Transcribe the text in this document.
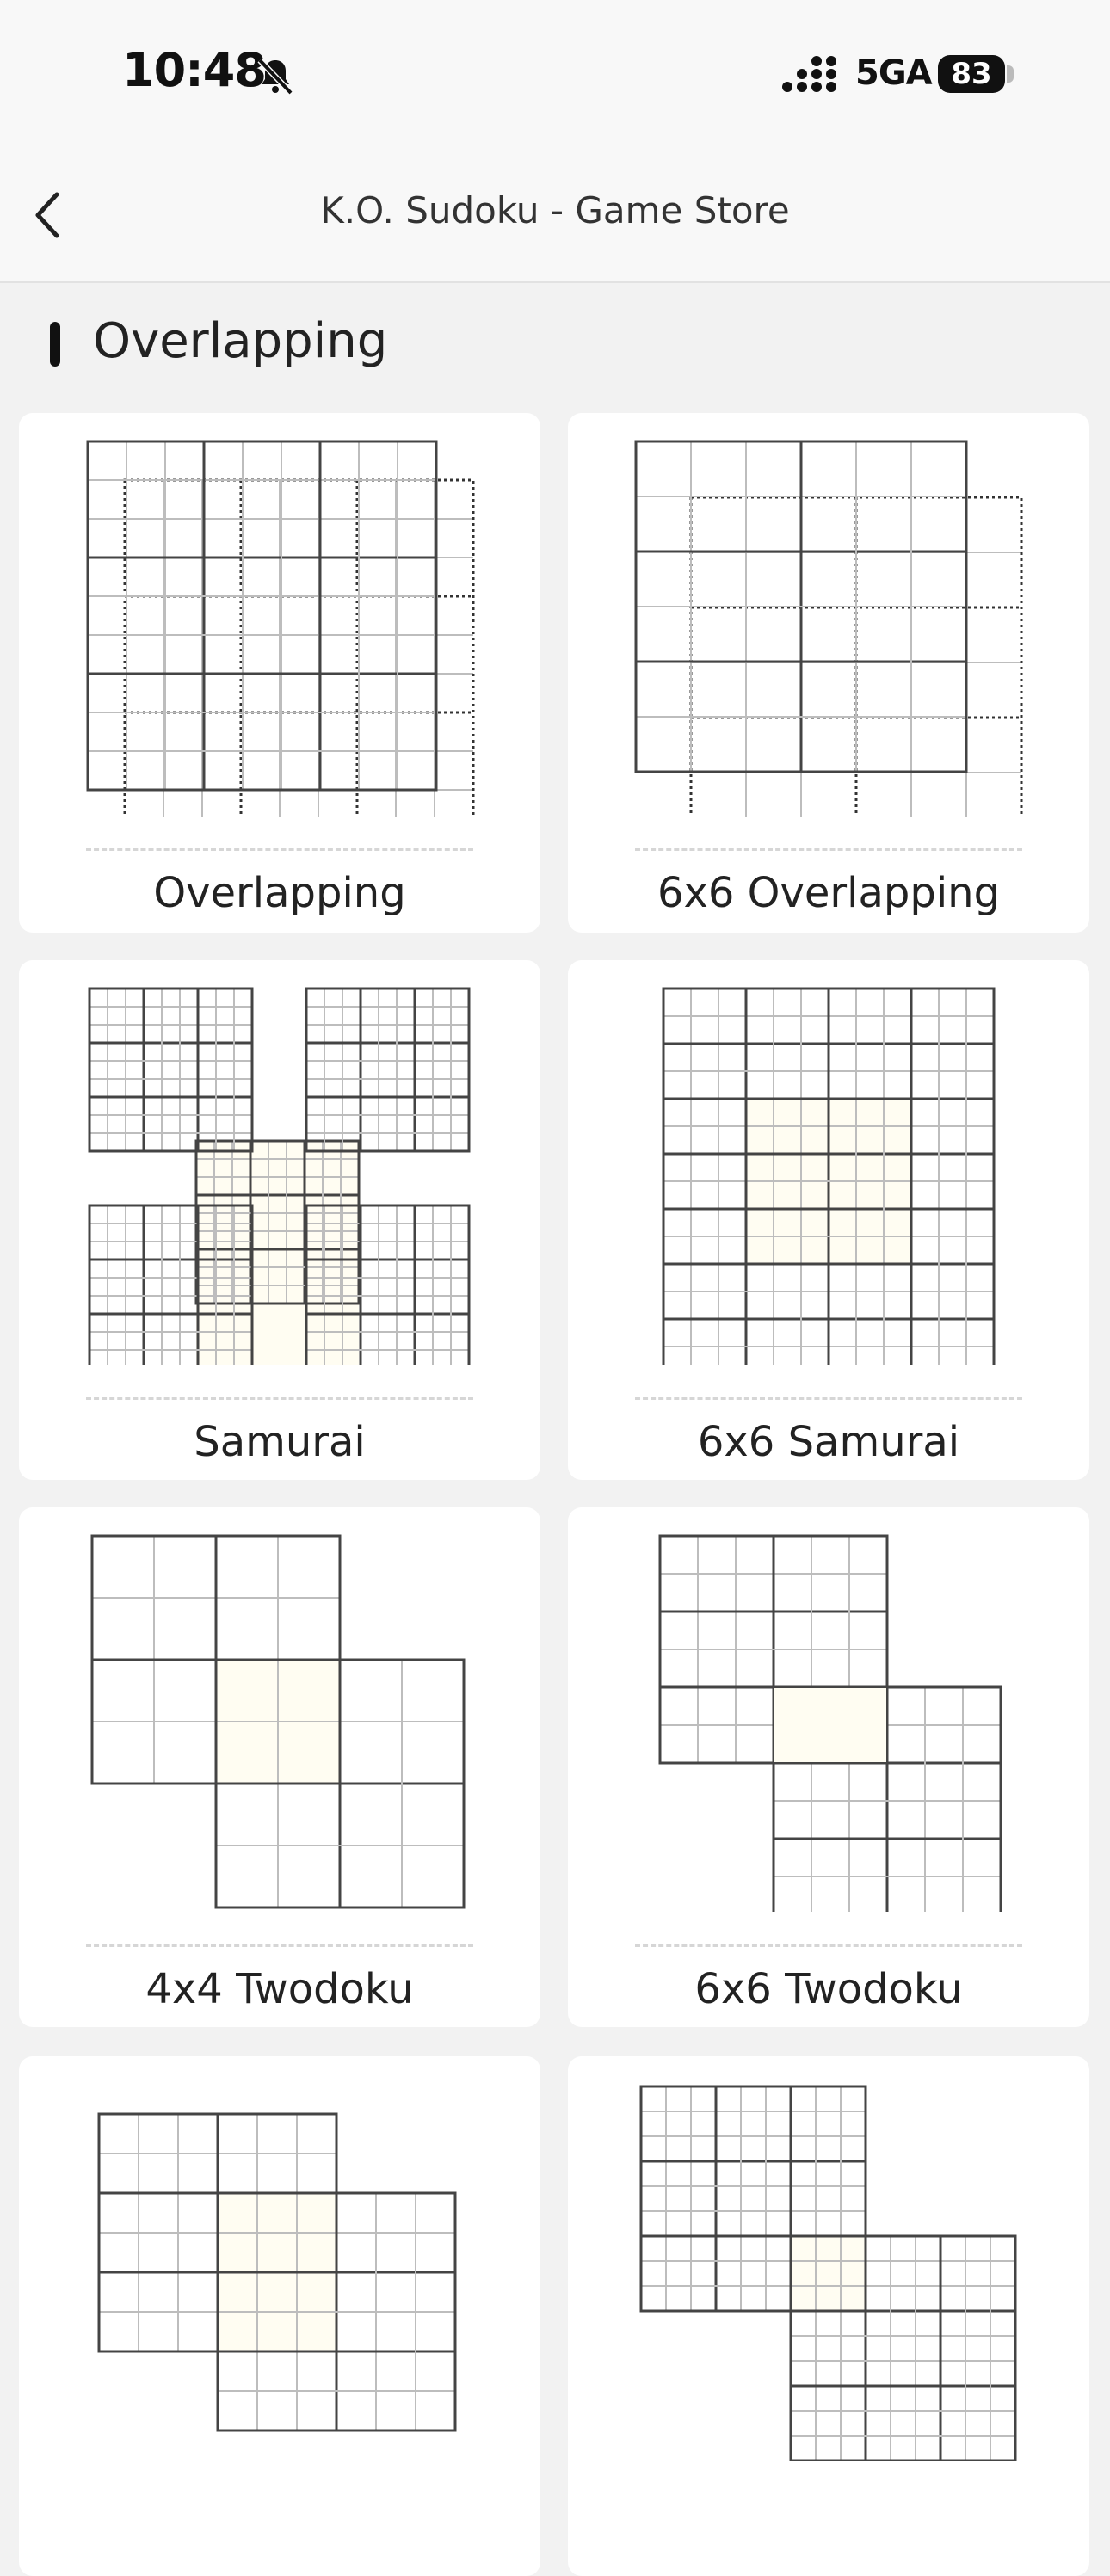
10:48	5GA 83
K.O. Sudoku - Game Store
Overlapping
Overlapping	6x6 Overlapping
Samurai	6x6 Samurai
4x4 Twodoku	6x6 Twodoku
